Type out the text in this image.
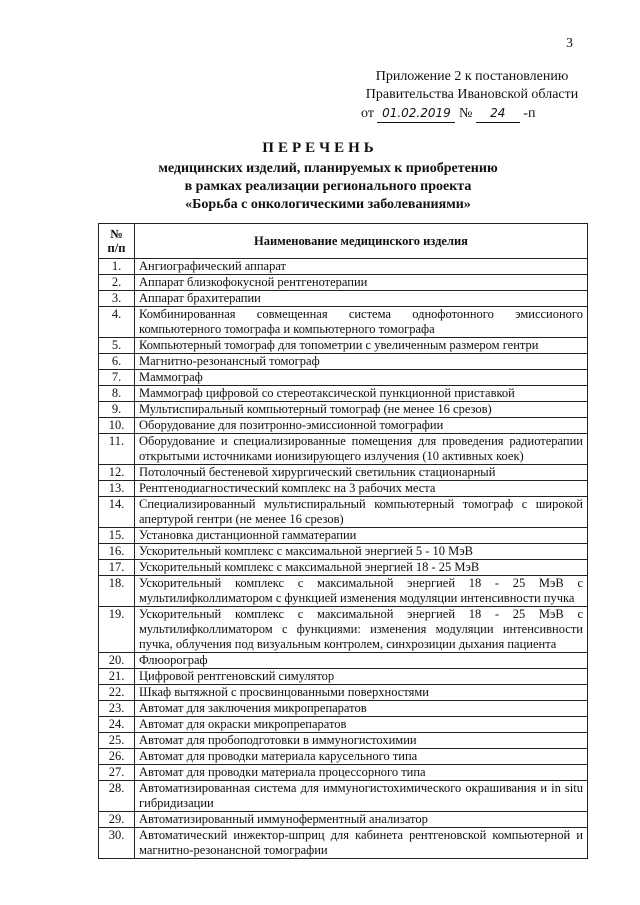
3
Приложение 2 к постановлению
Правительства Ивановской области
от 01.02.2019 № 24 -п
ПЕРЕЧЕНЬ
медицинских изделий, планируемых к приобретению
в рамках реализации регионального проекта
«Борьба с онкологическими заболеваниями»
№
п/п	Наименование медицинского изделия
1.	Ангиографический аппарат
2.	Аппарат близкофокусной рентгенотерапии
3.	Аппарат брахитерапии
4.	Комбинированная совмещенная система однофотонного эмиссионого компьютерного томографа и компьютерного томографа
5.	Компьютерный томограф для топометрии с увеличенным размером гентри
6.	Магнитно-резонансный томограф
7.	Маммограф
8.	Маммограф цифровой со стереотаксической пункционной приставкой
9.	Мультиспиральный компьютерный томограф (не менее 16 срезов)
10.	Оборудование для позитронно-эмиссионной томографии
11.	Оборудование и специализированные помещения для проведения радиотерапии открытыми источниками ионизирующего излучения (10 активных коек)
12.	Потолочный бестеневой хирургический светильник стационарный
13.	Рентгенодиагностический комплекс на 3 рабочих места
14.	Специализированный мультиспиральный компьютерный томограф с широкой апертурой гентри (не менее 16 срезов)
15.	Установка дистанционной гамматерапии
16.	Ускорительный комплекс с максимальной энергией 5 - 10 МэВ
17.	Ускорительный комплекс с максимальной энергией 18 - 25 МэВ
18.	Ускорительный комплекс с максимальной энергией 18 - 25 МэВ с мультилифколлиматором с функцией изменения модуляции интенсивности пучка
19.	Ускорительный комплекс с максимальной энергией 18 - 25 МэВ с мультилифколлиматором с функциями: изменения модуляции интенсивности пучка, облучения под визуальным контролем, синхрозиции дыхания пациента
20.	Флюорограф
21.	Цифровой рентгеновский симулятор
22.	Шкаф вытяжной с просвинцованными поверхностями
23.	Автомат для заключения микропрепаратов
24.	Автомат для окраски микропрепаратов
25.	Автомат для пробоподготовки в иммуногистохимии
26.	Автомат для проводки материала карусельного типа
27.	Автомат для проводки материала процессорного типа
28.	Автоматизированная система для иммуногистохимического окрашивания и in situ гибридизации
29.	Автоматизированный иммуноферментный анализатор
30.	Автоматический инжектор-шприц для кабинета рентгеновской компьютерной и магнитно-резонансной томографии
